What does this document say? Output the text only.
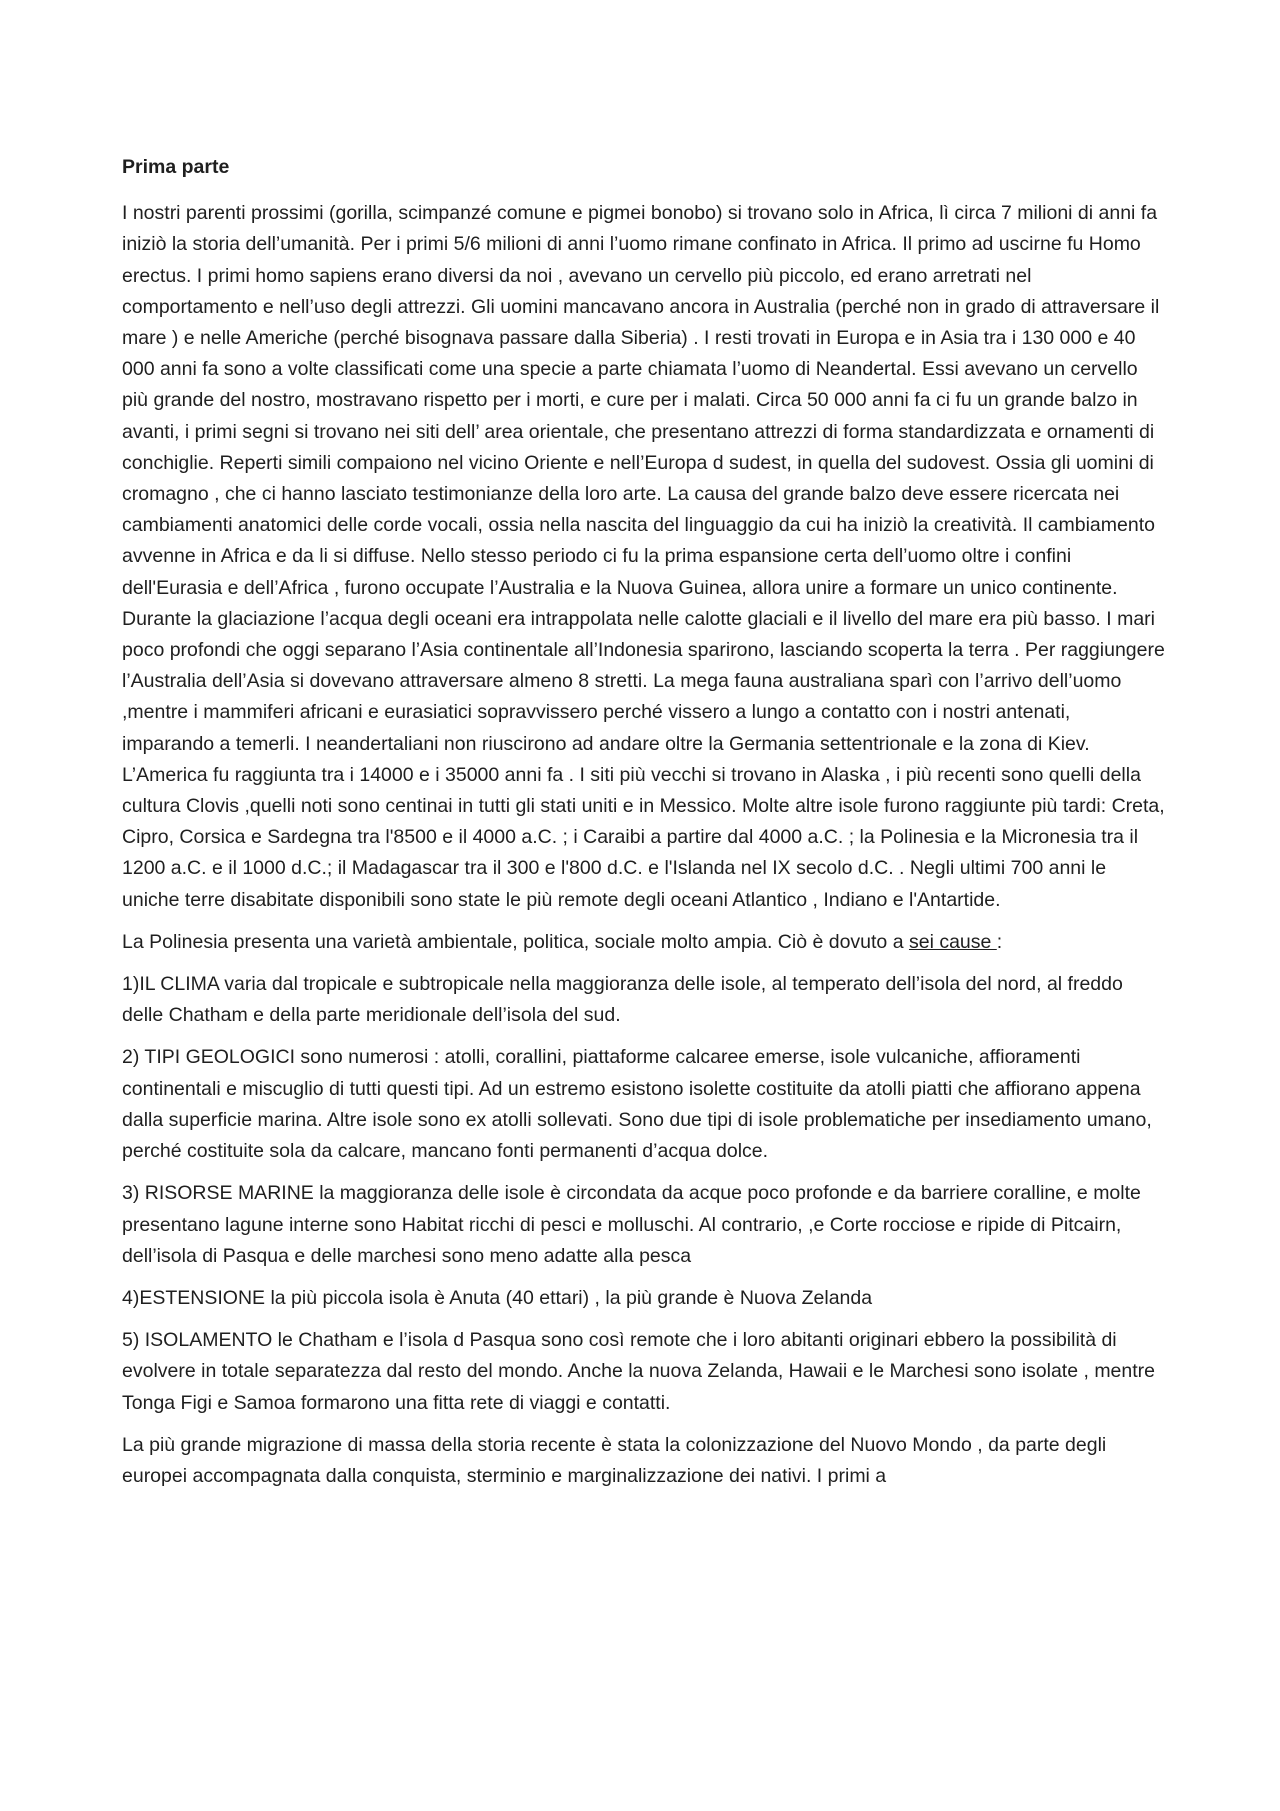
Prima parte

I nostri parenti prossimi (gorilla, scimpanzé comune e pigmei bonobo) si trovano solo in Africa, lì circa 7 milioni di anni fa iniziò la storia dell’umanità. Per i primi 5/6 milioni di anni l’uomo rimane confinato in Africa. Il primo ad uscirne fu Homo erectus. I primi homo sapiens erano diversi da noi , avevano un cervello più piccolo, ed erano arretrati nel comportamento e nell’uso degli attrezzi. Gli uomini mancavano ancora in Australia (perché non in grado di attraversare il mare ) e nelle Americhe (perché bisognava passare dalla Siberia) . I resti trovati in Europa e in Asia tra i 130 000 e 40 000 anni fa sono a volte classificati come una specie a parte chiamata l’uomo di Neandertal. Essi avevano un cervello più grande del nostro, mostravano rispetto per i morti, e cure per i malati. Circa 50 000 anni fa ci fu un grande balzo in avanti, i primi segni si trovano nei siti dell’ area orientale, che presentano attrezzi di forma standardizzata e ornamenti di conchiglie. Reperti simili compaiono nel vicino Oriente e nell’Europa d sudest, in quella del sudovest. Ossia gli uomini di cromagno , che ci hanno lasciato testimonianze della loro arte. La causa del grande balzo deve essere ricercata nei cambiamenti anatomici delle corde vocali, ossia nella nascita del linguaggio da cui ha iniziò la creatività. Il cambiamento avvenne in Africa e da li si diffuse. Nello stesso periodo ci fu la prima espansione certa dell’uomo oltre i confini dell'Eurasia e dell’Africa , furono occupate l’Australia e la Nuova Guinea, allora unire a formare un unico continente. Durante la glaciazione l’acqua degli oceani era intrappolata nelle calotte glaciali e il livello del mare era più basso. I mari poco profondi che oggi separano l’Asia continentale all’Indonesia sparirono, lasciando scoperta la terra . Per raggiungere l’Australia dell’Asia si dovevano attraversare almeno 8 stretti. La mega fauna australiana sparì con l’arrivo dell’uomo ,mentre i mammiferi africani e eurasiatici sopravvissero perché vissero a lungo a contatto con i nostri antenati, imparando a temerli. I neandertaliani non riuscirono ad andare oltre la Germania settentrionale e la zona di Kiev. L’America fu raggiunta tra i 14000 e i 35000 anni fa . I siti più vecchi si trovano in Alaska , i più recenti sono quelli della cultura Clovis ,quelli noti sono centinai in tutti gli stati uniti e in Messico. Molte altre isole furono raggiunte più tardi: Creta, Cipro, Corsica e Sardegna tra l'8500 e il 4000 a.C. ; i Caraibi a partire dal 4000 a.C. ; la Polinesia e la Micronesia tra il 1200 a.C. e il 1000 d.C.; il Madagascar tra il 300 e l'800 d.C. e l'Islanda nel IX secolo d.C. . Negli ultimi 700 anni le uniche terre disabitate disponibili sono state le più remote degli oceani Atlantico , Indiano e l'Antartide.

La Polinesia presenta una varietà ambientale, politica, sociale molto ampia. Ciò è dovuto a sei cause :

1)IL CLIMA varia dal tropicale e subtropicale nella maggioranza delle isole, al temperato dell’isola del nord, al freddo delle Chatham e della parte meridionale dell’isola del sud.

2) TIPI GEOLOGICI sono numerosi : atolli, corallini, piattaforme calcaree emerse, isole vulcaniche, affioramenti continentali e miscuglio di tutti questi tipi. Ad un estremo esistono isolette costituite da atolli piatti che affiorano appena dalla superficie marina. Altre isole sono ex atolli sollevati. Sono due tipi di isole problematiche per insediamento umano, perché costituite sola da calcare, mancano fonti permanenti d’acqua dolce.

3) RISORSE MARINE la maggioranza delle isole è circondata da acque poco profonde e da barriere coralline, e molte presentano lagune interne sono Habitat ricchi di pesci e molluschi. Al contrario, ,e Corte rocciose e ripide di Pitcairn, dell’isola di Pasqua e delle marchesi sono meno adatte alla pesca

4)ESTENSIONE la più piccola isola è Anuta (40 ettari) , la più grande è Nuova Zelanda

5) ISOLAMENTO le Chatham e l’isola d Pasqua sono così remote che i loro abitanti originari ebbero la possibilità di evolvere in totale separatezza dal resto del mondo. Anche la nuova Zelanda, Hawaii e le Marchesi sono isolate , mentre Tonga Figi e Samoa formarono una fitta rete di viaggi e contatti.

La più grande migrazione di massa della storia recente è stata la colonizzazione del Nuovo Mondo , da parte degli europei accompagnata dalla conquista, sterminio e marginalizzazione dei nativi. I primi a
